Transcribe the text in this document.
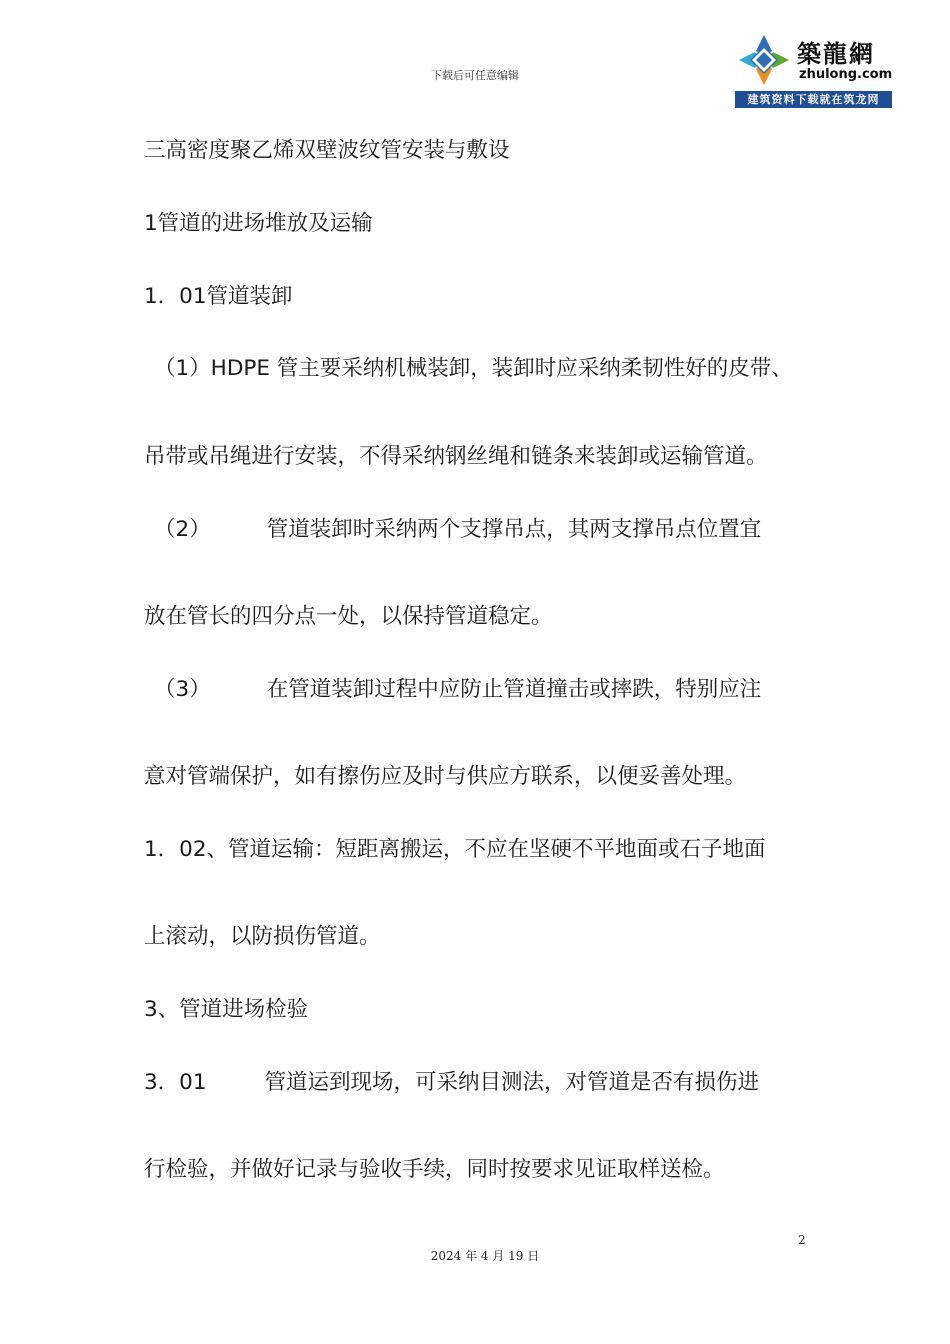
下载后可任意编辑
築龍網
zhulong.com
建筑资料下载就在筑龙网
三高密度聚乙烯双壁波纹管安装与敷设
1管道的进场堆放及运输
1．01管道装卸
（1）HDPE 管主要采纳机械装卸，装卸时应采纳柔韧性好的皮带、
吊带或吊绳进行安装，不得采纳钢丝绳和链条来装卸或运输管道。
（2）	管道装卸时采纳两个支撑吊点，其两支撑吊点位置宜
放在管长的四分点一处，以保持管道稳定。
（3）	在管道装卸过程中应防止管道撞击或摔跌，特别应注
意对管端保护，如有擦伤应及时与供应方联系，以便妥善处理。
1．02、管道运输：短距离搬运，不应在坚硬不平地面或石子地面
上滚动，以防损伤管道。
3、管道进场检验
3．01	管道运到现场，可采纳目测法，对管道是否有损伤进
行检验，并做好记录与验收手续，同时按要求见证取样送检。
2
2024 年 4 月 19 日
